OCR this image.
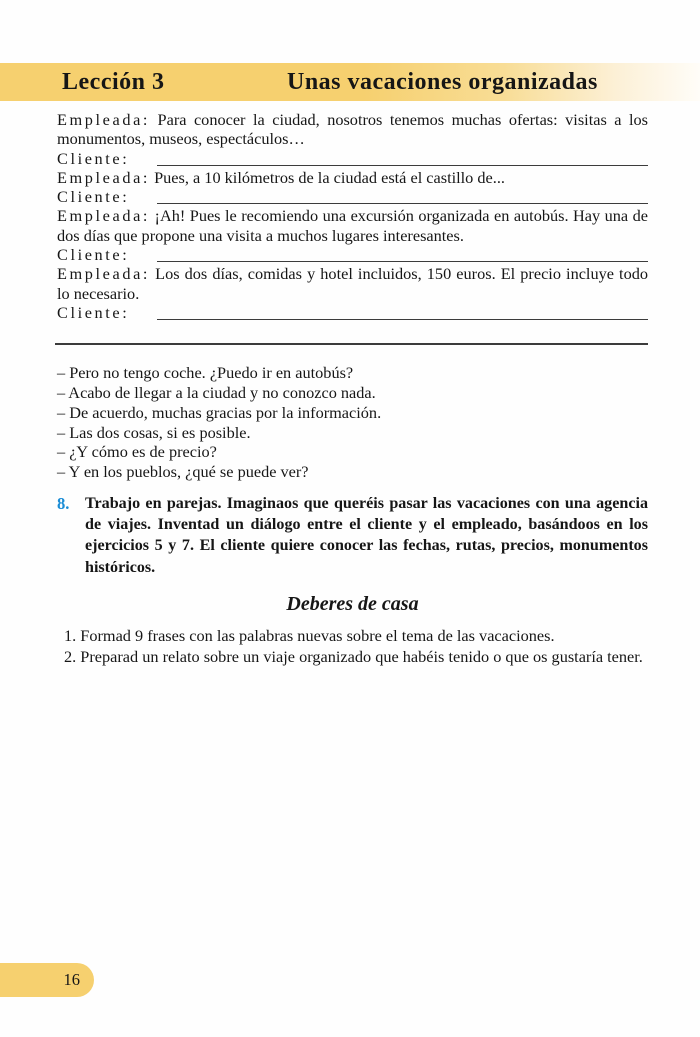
Lección 3	Unas vacaciones organizadas

Empleada: Para conocer la ciudad, nosotros tenemos muchas ofertas: visitas a los monumentos, museos, espectáculos…

Cliente:

Empleada: Pues, a 10 kilómetros de la ciudad está el castillo de...

Cliente:

Empleada: ¡Ah! Pues le recomiendo una excursión organizada en autobús. Hay una de dos días que propone una visita a muchos lugares interesantes.

Cliente:

Empleada: Los dos días, comidas y hotel incluidos, 150 euros. El precio incluye todo lo necesario.

Cliente:

– Pero no tengo coche. ¿Puedo ir en autobús?

– Acabo de llegar a la ciudad y no conozco nada.

– De acuerdo, muchas gracias por la información.

– Las dos cosas, si es posible.

– ¿Y cómo es de precio?

– Y en los pueblos, ¿qué se puede ver?

8. Trabajo en parejas. Imaginaos que queréis pasar las vacaciones con una agencia de viajes. Inventad un diálogo entre el cliente y el empleado, basándoos en los ejercicios 5 y 7. El cliente quiere conocer las fechas, rutas, precios, monumentos históricos.

Deberes de casa

1. Formad 9 frases con las palabras nuevas sobre el tema de las vacaciones.

2. Preparad un relato sobre un viaje organizado que habéis tenido o que os gustaría tener.

16
